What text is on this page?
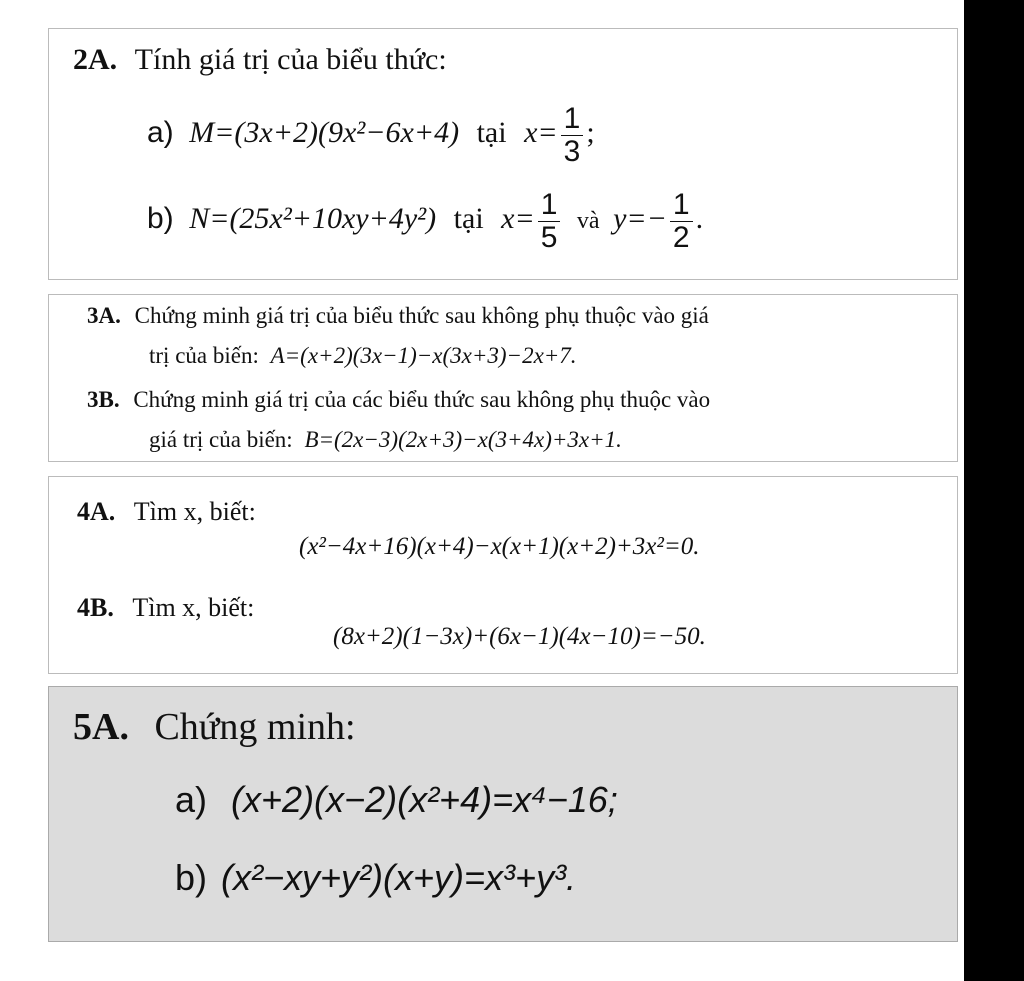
2A. Tính giá trị của biểu thức:
a) M=(3x+2)(9x²−6x+4) tại $x= \frac{1}{3}$ ;
b) N=(25x²+10xy+4y²) tại $x= \frac{1}{5}$ và $y=- \frac{1}{2}$ .
3A. Chứng minh giá trị của biểu thức sau không phụ thuộc vào giá
trị của biến: A=(x+2)(3x−1)−x(3x+3)−2x+7.
3B. Chứng minh giá trị của các biểu thức sau không phụ thuộc vào
giá trị của biến: B=(2x−3)(2x+3)−x(3+4x)+3x+1.
4A. Tìm x, biết:
(x²−4x+16)(x+4)−x(x+1)(x+2)+3x²=0.
4B. Tìm x, biết:
(8x+2)(1−3x)+(6x−1)(4x−10)=−50.
5A. Chứng minh:
a) (x+2)(x−2)(x²+4)=x⁴−16;
b) (x²−xy+y²)(x+y)=x³+y³.
